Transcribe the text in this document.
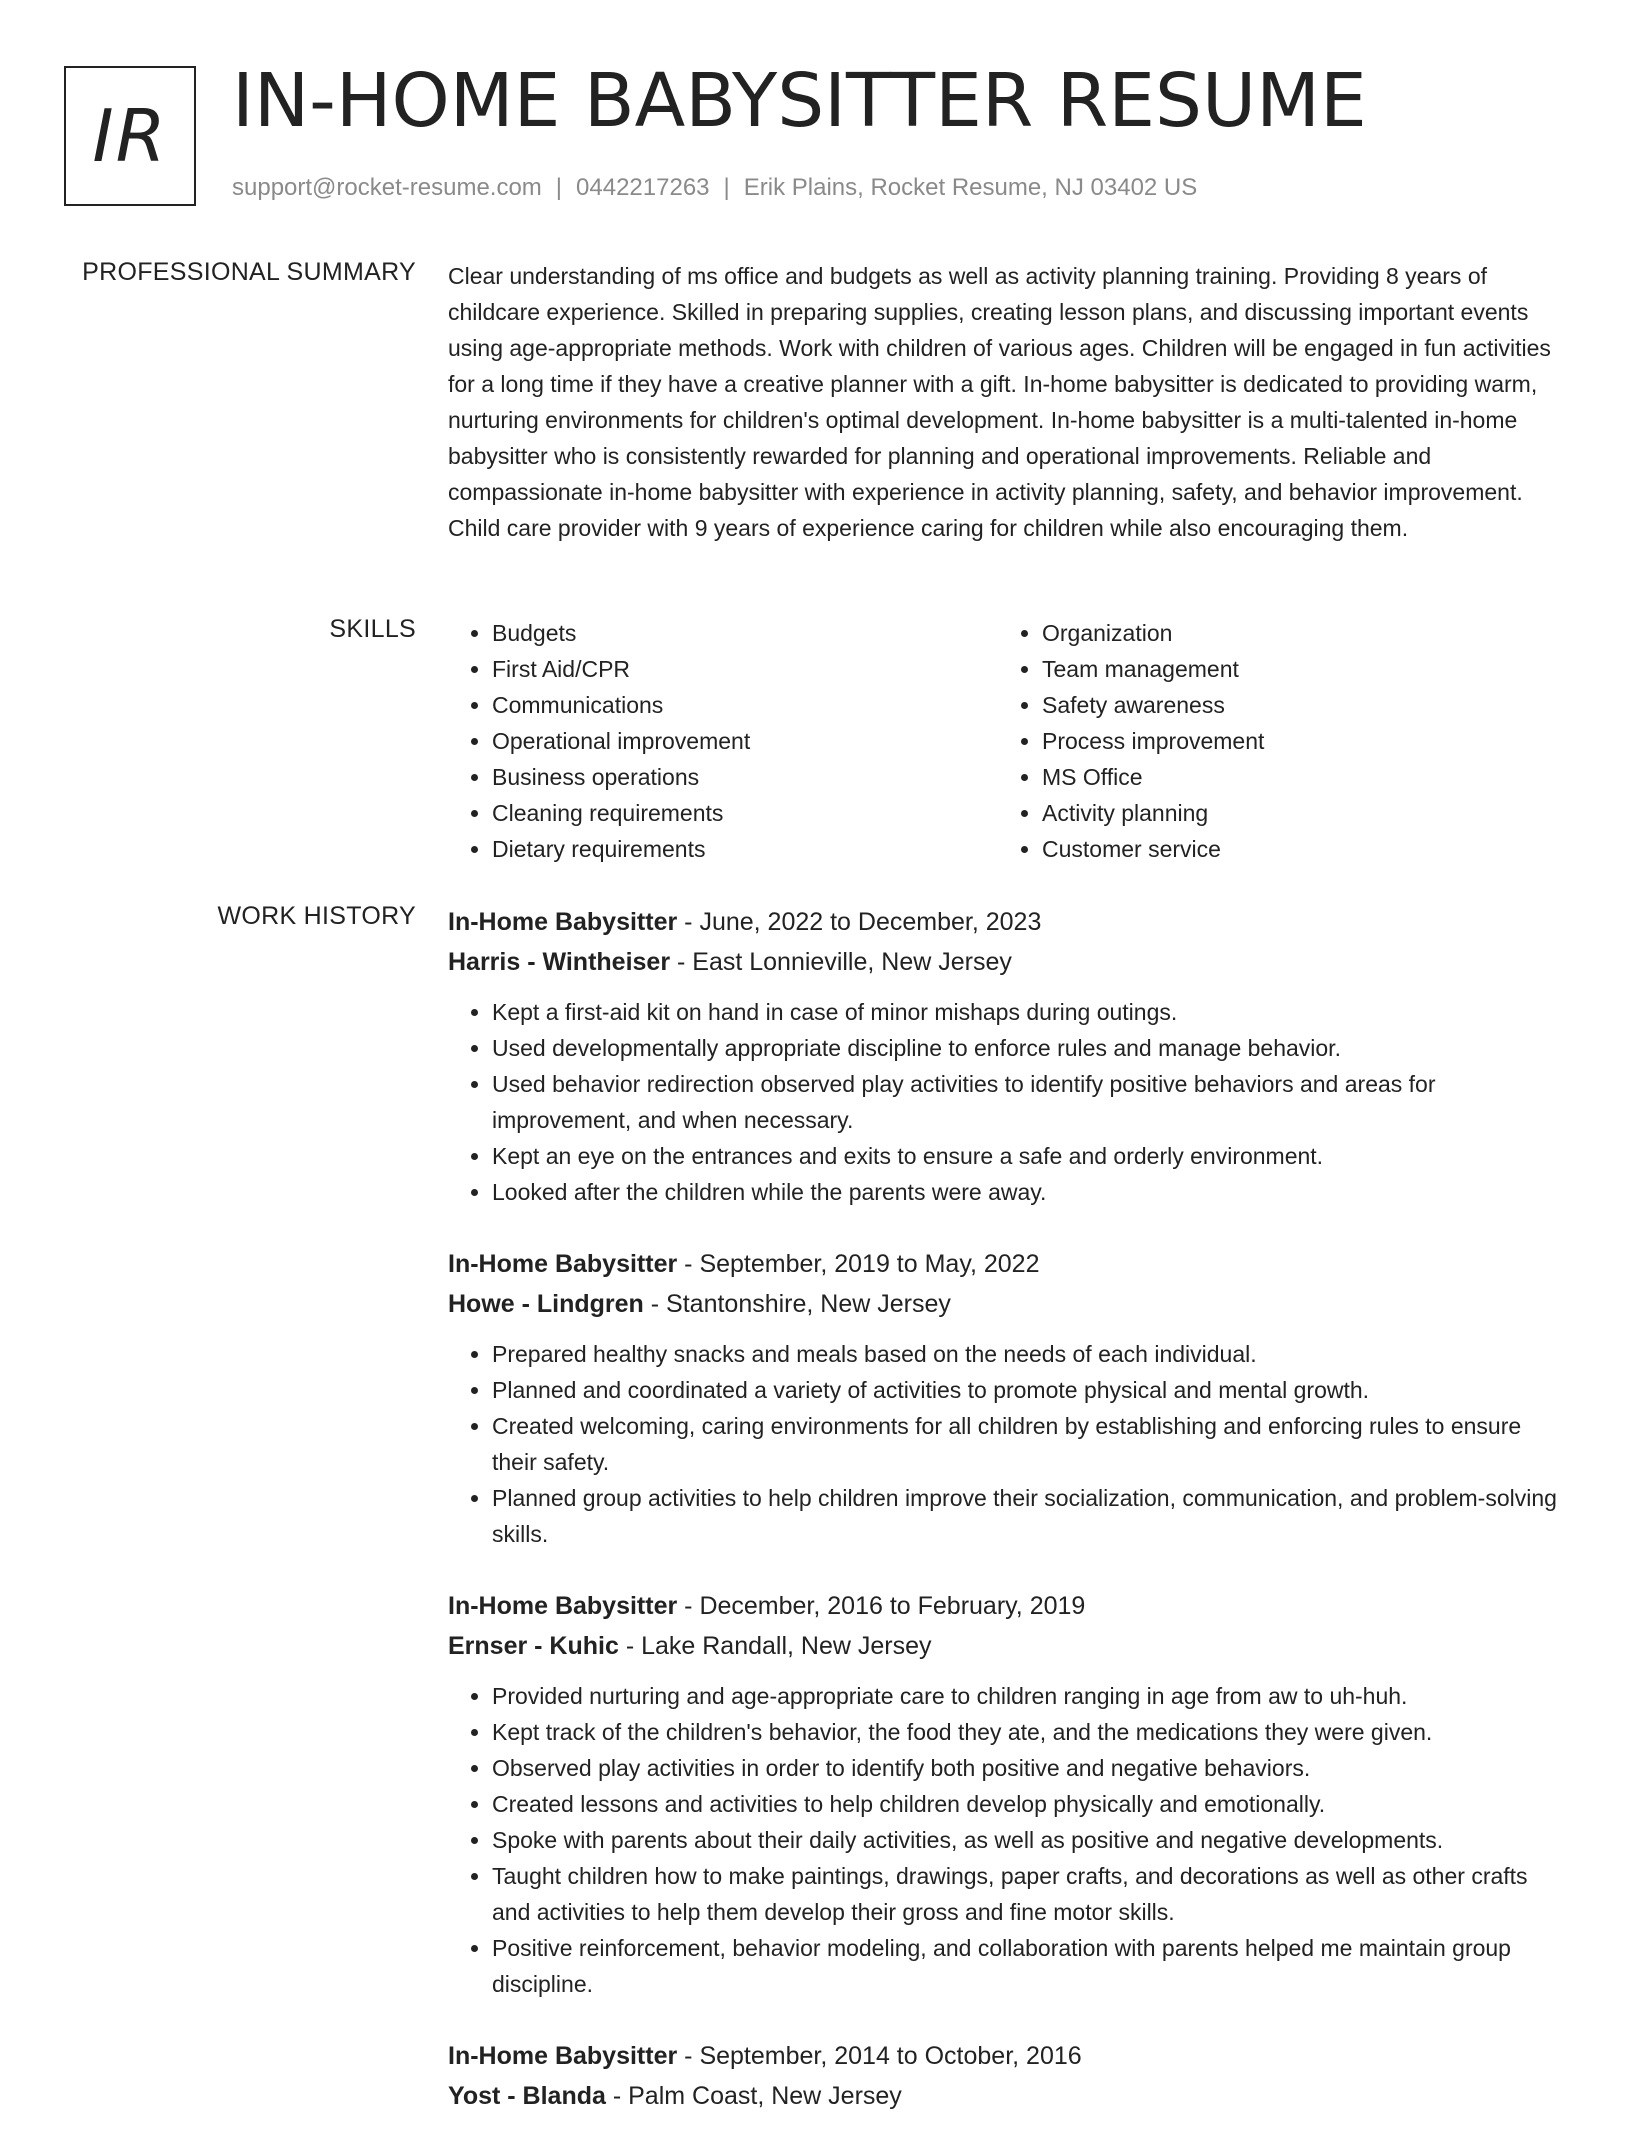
IR IN-HOME BABYSITTER RESUME
support@rocket-resume.com | 0442217263 | Erik Plains, Rocket Resume, NJ 03402 US
PROFESSIONAL SUMMARY Clear understanding of ms office and budgets as well as activity planning training. Providing 8 years of childcare experience. Skilled in preparing supplies, creating lesson plans, and discussing important events using age-appropriate methods. Work with children of various ages. Children will be engaged in fun activities for a long time if they have a creative planner with a gift. In-home babysitter is dedicated to providing warm, nurturing environments for children's optimal development. In-home babysitter is a multi-talented in-home babysitter who is consistently rewarded for planning and operational improvements. Reliable and compassionate in-home babysitter with experience in activity planning, safety, and behavior improvement. Child care provider with 9 years of experience caring for children while also encouraging them.

SKILLS
•	Budgets
• First Aid/CPR
• Communications
• Operational improvement
• Business operations
• Cleaning requirements
• Dietary requirements
• Organization
• Team management
• Safety awareness
• Process improvement
• MS Office
• Activity planning
• Customer service
WORK HISTORY In-Home Babysitter - June, 2022 to December, 2023
Harris - Wintheiser - East Lonnieville, New Jersey
• Kept a first-aid kit on hand in case of minor mishaps during outings.
• Used developmentally appropriate discipline to enforce rules and manage behavior.
• Used behavior redirection observed play activities to identify positive behaviors and areas for improvement, and when necessary.
• Kept an eye on the entrances and exits to ensure a safe and orderly environment.
• Looked after the children while the parents were away.
In-Home Babysitter - September, 2019 to May, 2022
Howe - Lindgren - Stantonshire, New Jersey
• Prepared healthy snacks and meals based on the needs of each individual.
• Planned and coordinated a variety of activities to promote physical and mental growth.
• Created welcoming, caring environments for all children by establishing and enforcing rules to ensure their safety.
• Planned group activities to help children improve their socialization, communication, and problem-solving skills.
In-Home Babysitter - December, 2016 to February, 2019
Ernser - Kuhic - Lake Randall, New Jersey
• Provided nurturing and age-appropriate care to children ranging in age from aw to uh-huh.
• Kept track of the children's behavior, the food they ate, and the medications they were given.
• Observed play activities in order to identify both positive and negative behaviors.
• Created lessons and activities to help children develop physically and emotionally.
• Spoke with parents about their daily activities, as well as positive and negative developments.
• Taught children how to make paintings, drawings, paper crafts, and decorations as well as other crafts and activities to help them develop their gross and fine motor skills.
• Positive reinforcement, behavior modeling, and collaboration with parents helped me maintain group discipline.
In-Home Babysitter - September, 2014 to October, 2016
Yost - Blanda - Palm Coast, New Jersey
